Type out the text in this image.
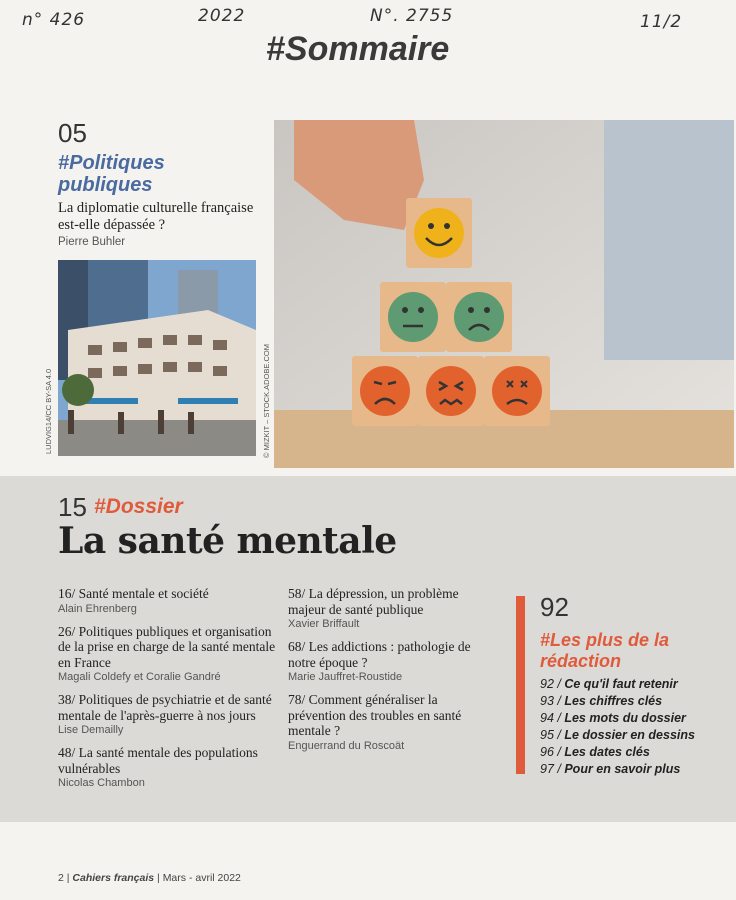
n° 426	2022	N°. 2755	11/2
#Sommaire
05
#Politiques publiques
La diplomatie culturelle française est-elle dépassée ?
Pierre Buhler
LUDVIG14/CC BY-SA 4.0	© MIZKIT – STOCK.ADOBE.COM
15 #Dossier
La santé mentale
16/ Santé mentale et société
Alain Ehrenberg
26/ Politiques publiques et organisation de la prise en charge de la santé mentale en France
Magali Coldefy et Coralie Gandré
38/ Politiques de psychiatrie et de santé mentale de l'après-guerre à nos jours
Lise Demailly
48/ La santé mentale des populations vulnérables
Nicolas Chambon
58/ La dépression, un problème majeur de santé publique
Xavier Briffault
68/ Les addictions : pathologie de notre époque ?
Marie Jauffret-Roustide
78/ Comment généraliser la prévention des troubles en santé mentale ?
Enguerrand du Roscoät
92
#Les plus de la rédaction
92 / Ce qu'il faut retenir
93 / Les chiffres clés
94 / Les mots du dossier
95 / Le dossier en dessins
96 / Les dates clés
97 / Pour en savoir plus
2 | Cahiers français | Mars - avril 2022
